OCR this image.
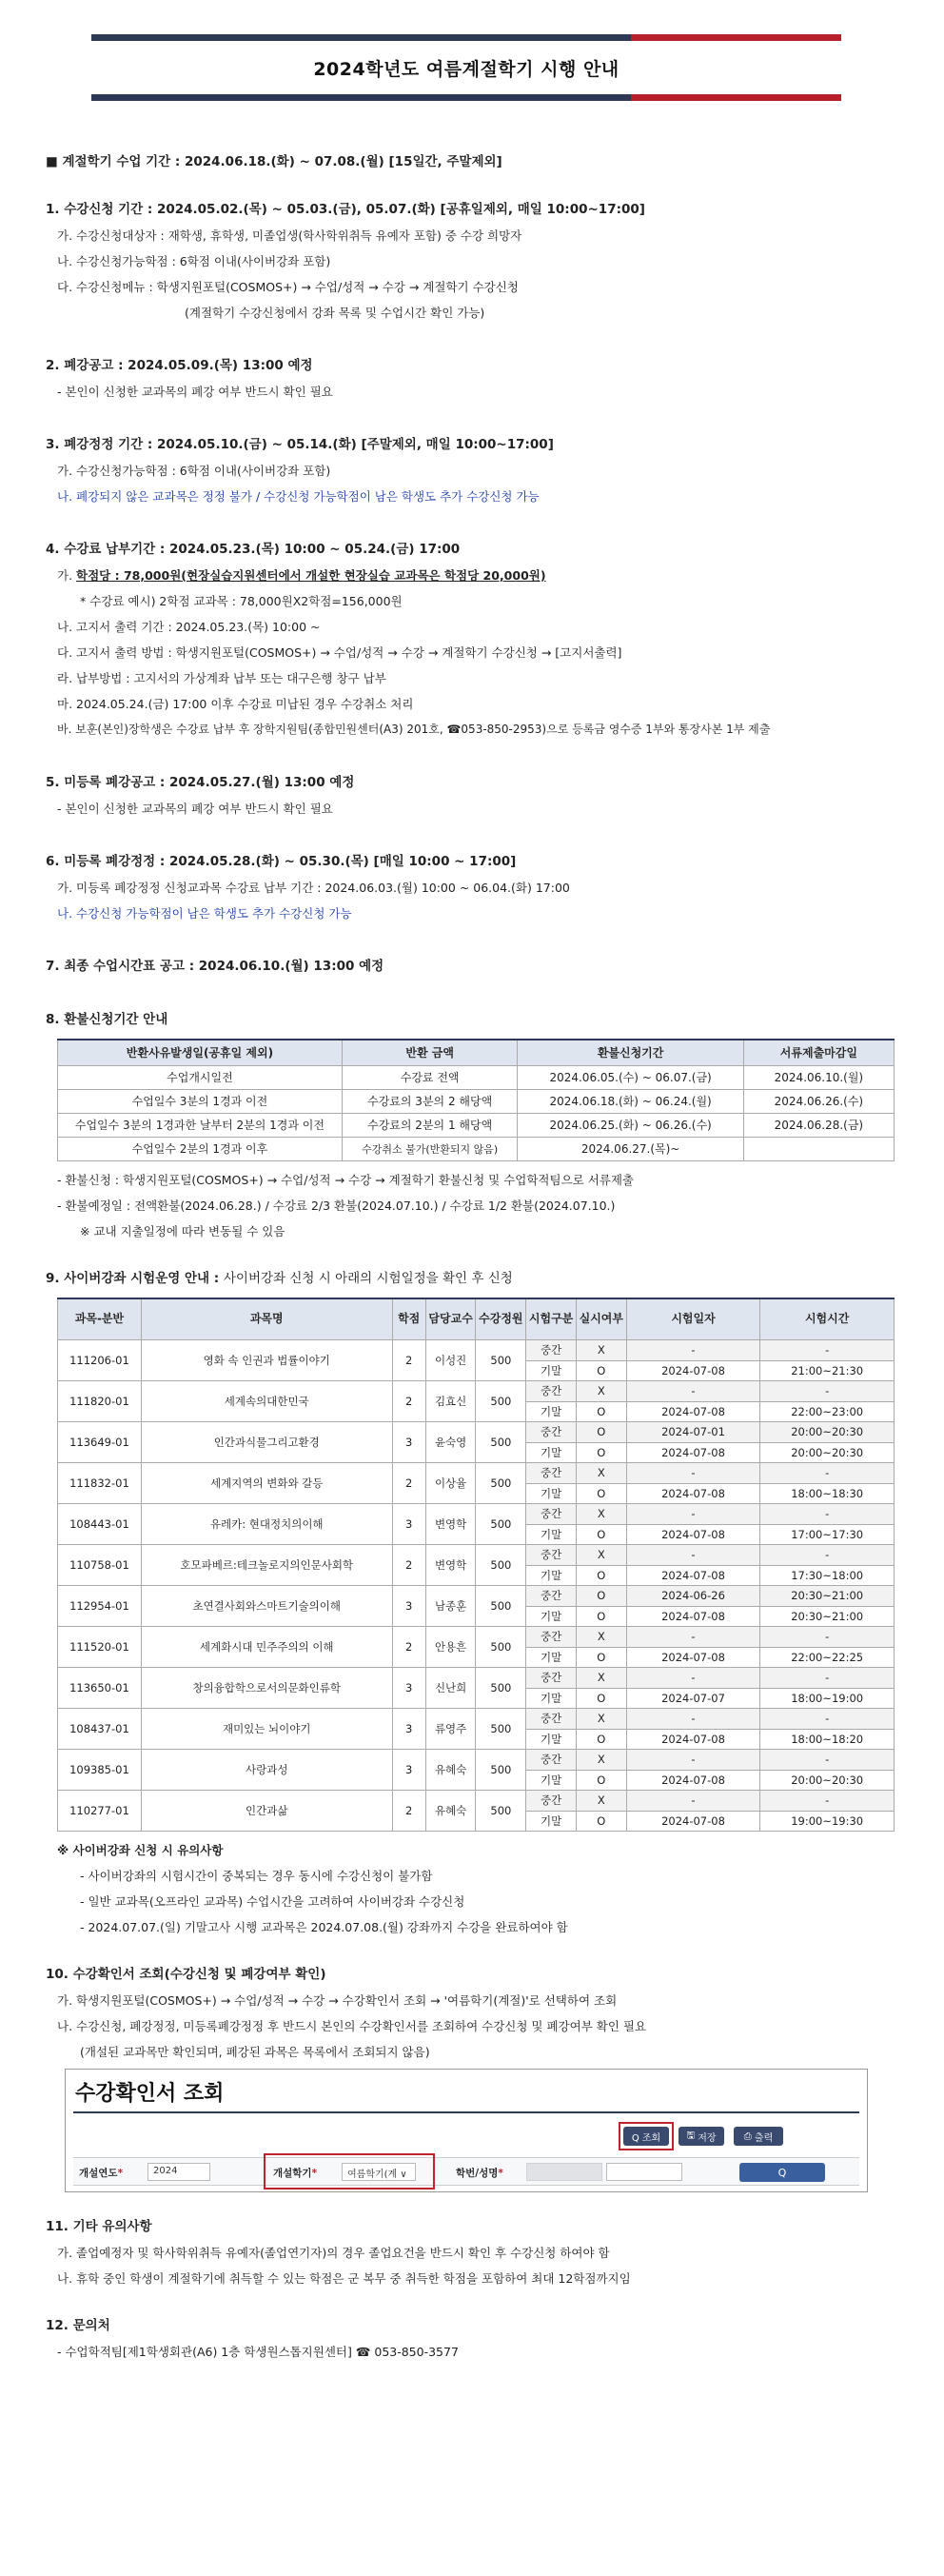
2024학년도 여름계절학기 시행 안내
■ 계절학기 수업 기간 : 2024.06.18.(화) ~ 07.08.(월) [15일간, 주말제외]
1. 수강신청 기간 : 2024.05.02.(목) ~ 05.03.(금), 05.07.(화) [공휴일제외, 매일 10:00~17:00]
가. 수강신청대상자 : 재학생, 휴학생, 미졸업생(학사학위취득 유예자 포함) 중 수강 희망자
나. 수강신청가능학점 : 6학점 이내(사이버강좌 포함)
다. 수강신청메뉴 : 학생지원포털(COSMOS+) → 수업/성적 → 수강 → 계절학기 수강신청
(계절학기 수강신청에서 강좌 목록 및 수업시간 확인 가능)
2. 폐강공고 : 2024.05.09.(목) 13:00 예정
- 본인이 신청한 교과목의 폐강 여부 반드시 확인 필요
3. 폐강정정 기간 : 2024.05.10.(금) ~ 05.14.(화) [주말제외, 매일 10:00~17:00]
가. 수강신청가능학점 : 6학점 이내(사이버강좌 포함)
나. 폐강되지 않은 교과목은 정정 불가 / 수강신청 가능학점이 남은 학생도 추가 수강신청 가능
4. 수강료 납부기간 : 2024.05.23.(목) 10:00 ~ 05.24.(금) 17:00
가. 학점당 : 78,000원(현장실습지원센터에서 개설한 현장실습 교과목은 학점당 20,000원)
* 수강료 예시) 2학점 교과목 : 78,000원X2학점=156,000원
나. 고지서 출력 기간 : 2024.05.23.(목) 10:00 ~
다. 고지서 출력 방법 : 학생지원포털(COSMOS+) → 수업/성적 → 수강 → 계절학기 수강신청 → [고지서출력]
라. 납부방법 : 고지서의 가상계좌 납부 또는 대구은행 창구 납부
마. 2024.05.24.(금) 17:00 이후 수강료 미납된 경우 수강취소 처리
바. 보훈(본인)장학생은 수강료 납부 후 장학지원팀(종합민원센터(A3) 201호, ☎053-850-2953)으로 등록금 영수증 1부와 통장사본 1부 제출
5. 미등록 폐강공고 : 2024.05.27.(월) 13:00 예정
- 본인이 신청한 교과목의 폐강 여부 반드시 확인 필요
6. 미등록 폐강정정 : 2024.05.28.(화) ~ 05.30.(목) [매일 10:00 ~ 17:00]
가. 미등록 폐강정정 신청교과목 수강료 납부 기간 : 2024.06.03.(월) 10:00 ~ 06.04.(화) 17:00
나. 수강신청 가능학점이 남은 학생도 추가 수강신청 가능
7. 최종 수업시간표 공고 : 2024.06.10.(월) 13:00 예정
8. 환불신청기간 안내
반환사유발생일(공휴일 제외)	반환 금액	환불신청기간	서류제출마감일
수업개시일전	수강료 전액	2024.06.05.(수) ~ 06.07.(금)	2024.06.10.(월)
수업일수 3분의 1경과 이전	수강료의 3분의 2 해당액	2024.06.18.(화) ~ 06.24.(월)	2024.06.26.(수)
수업일수 3분의 1경과한 날부터 2분의 1경과 이전	수강료의 2분의 1 해당액	2024.06.25.(화) ~ 06.26.(수)	2024.06.28.(금)
수업일수 2분의 1경과 이후	수강취소 불가(반환되지 않음)	2024.06.27.(목)~	
- 환불신청 : 학생지원포털(COSMOS+) → 수업/성적 → 수강 → 계절학기 환불신청 및 수업학적팀으로 서류제출
- 환불예정일 : 전액환불(2024.06.28.) / 수강료 2/3 환불(2024.07.10.) / 수강료 1/2 환불(2024.07.10.)
※ 교내 지출일정에 따라 변동될 수 있음
9. 사이버강좌 시험운영 안내 : 사이버강좌 신청 시 아래의 시험일정을 확인 후 신청
과목-분반	과목명	학점	담당교수	수강정원	시험구분	실시여부	시험일자	시험시간
111206-01	영화 속 인권과 법률이야기	2	이성진	500	중간	X	-	-
					기말	O	2024-07-08	21:00~21:30
111820-01	세계속의대한민국	2	김효신	500	중간	X	-	-
					기말	O	2024-07-08	22:00~23:00
113649-01	인간과식물그리고환경	3	윤숙영	500	중간	O	2024-07-01	20:00~20:30
					기말	O	2024-07-08	20:00~20:30
111832-01	세계지역의 변화와 갈등	2	이상율	500	중간	X	-	-
					기말	O	2024-07-08	18:00~18:30
108443-01	유레카: 현대정치의이해	3	변영학	500	중간	X	-	-
					기말	O	2024-07-08	17:00~17:30
110758-01	호모파베르:테크놀로지의인문사회학	2	변영학	500	중간	X	-	-
					기말	O	2024-07-08	17:30~18:00
112954-01	초연결사회와스마트기술의이해	3	남종훈	500	중간	O	2024-06-26	20:30~21:00
					기말	O	2024-07-08	20:30~21:00
111520-01	세계화시대 민주주의의 이해	2	안용흔	500	중간	X	-	-
					기말	O	2024-07-08	22:00~22:25
113650-01	창의융합학으로서의문화인류학	3	신난희	500	중간	X	-	-
					기말	O	2024-07-07	18:00~19:00
108437-01	재미있는 뇌이야기	3	류영주	500	중간	X	-	-
					기말	O	2024-07-08	18:00~18:20
109385-01	사랑과성	3	유혜숙	500	중간	X	-	-
					기말	O	2024-07-08	20:00~20:30
110277-01	인간과삶	2	유혜숙	500	중간	X	-	-
					기말	O	2024-07-08	19:00~19:30
※ 사이버강좌 신청 시 유의사항
- 사이버강좌의 시험시간이 중복되는 경우 동시에 수강신청이 불가함
- 일반 교과목(오프라인 교과목) 수업시간을 고려하여 사이버강좌 수강신청
- 2024.07.07.(일) 기말고사 시행 교과목은 2024.07.08.(월) 강좌까지 수강을 완료하여야 함
10. 수강확인서 조회(수강신청 및 폐강여부 확인)
가. 학생지원포털(COSMOS+) → 수업/성적 → 수강 → 수강확인서 조회 → '여름학기(계절)'로 선택하여 조회
나. 수강신청, 폐강정정, 미등록폐강정정 후 반드시 본인의 수강확인서를 조회하여 수강신청 및 폐강여부 확인 필요
(개설된 교과목만 확인되며, 폐강된 과목은 목록에서 조회되지 않음)
수강확인서 조회
Q 조회	🖫 저장	⎙ 출력
개설연도*	2024	개설학기*	여름학기(계 ∨	학번/성명*	Q
11. 기타 유의사항
가. 졸업예정자 및 학사학위취득 유예자(졸업연기자)의 경우 졸업요건을 반드시 확인 후 수강신청 하여야 함
나. 휴학 중인 학생이 계절학기에 취득할 수 있는 학점은 군 복무 중 취득한 학점을 포함하여 최대 12학점까지임
12. 문의처
- 수업학적팀[제1학생회관(A6) 1층 학생원스톱지원센터] ☎ 053-850-3577
